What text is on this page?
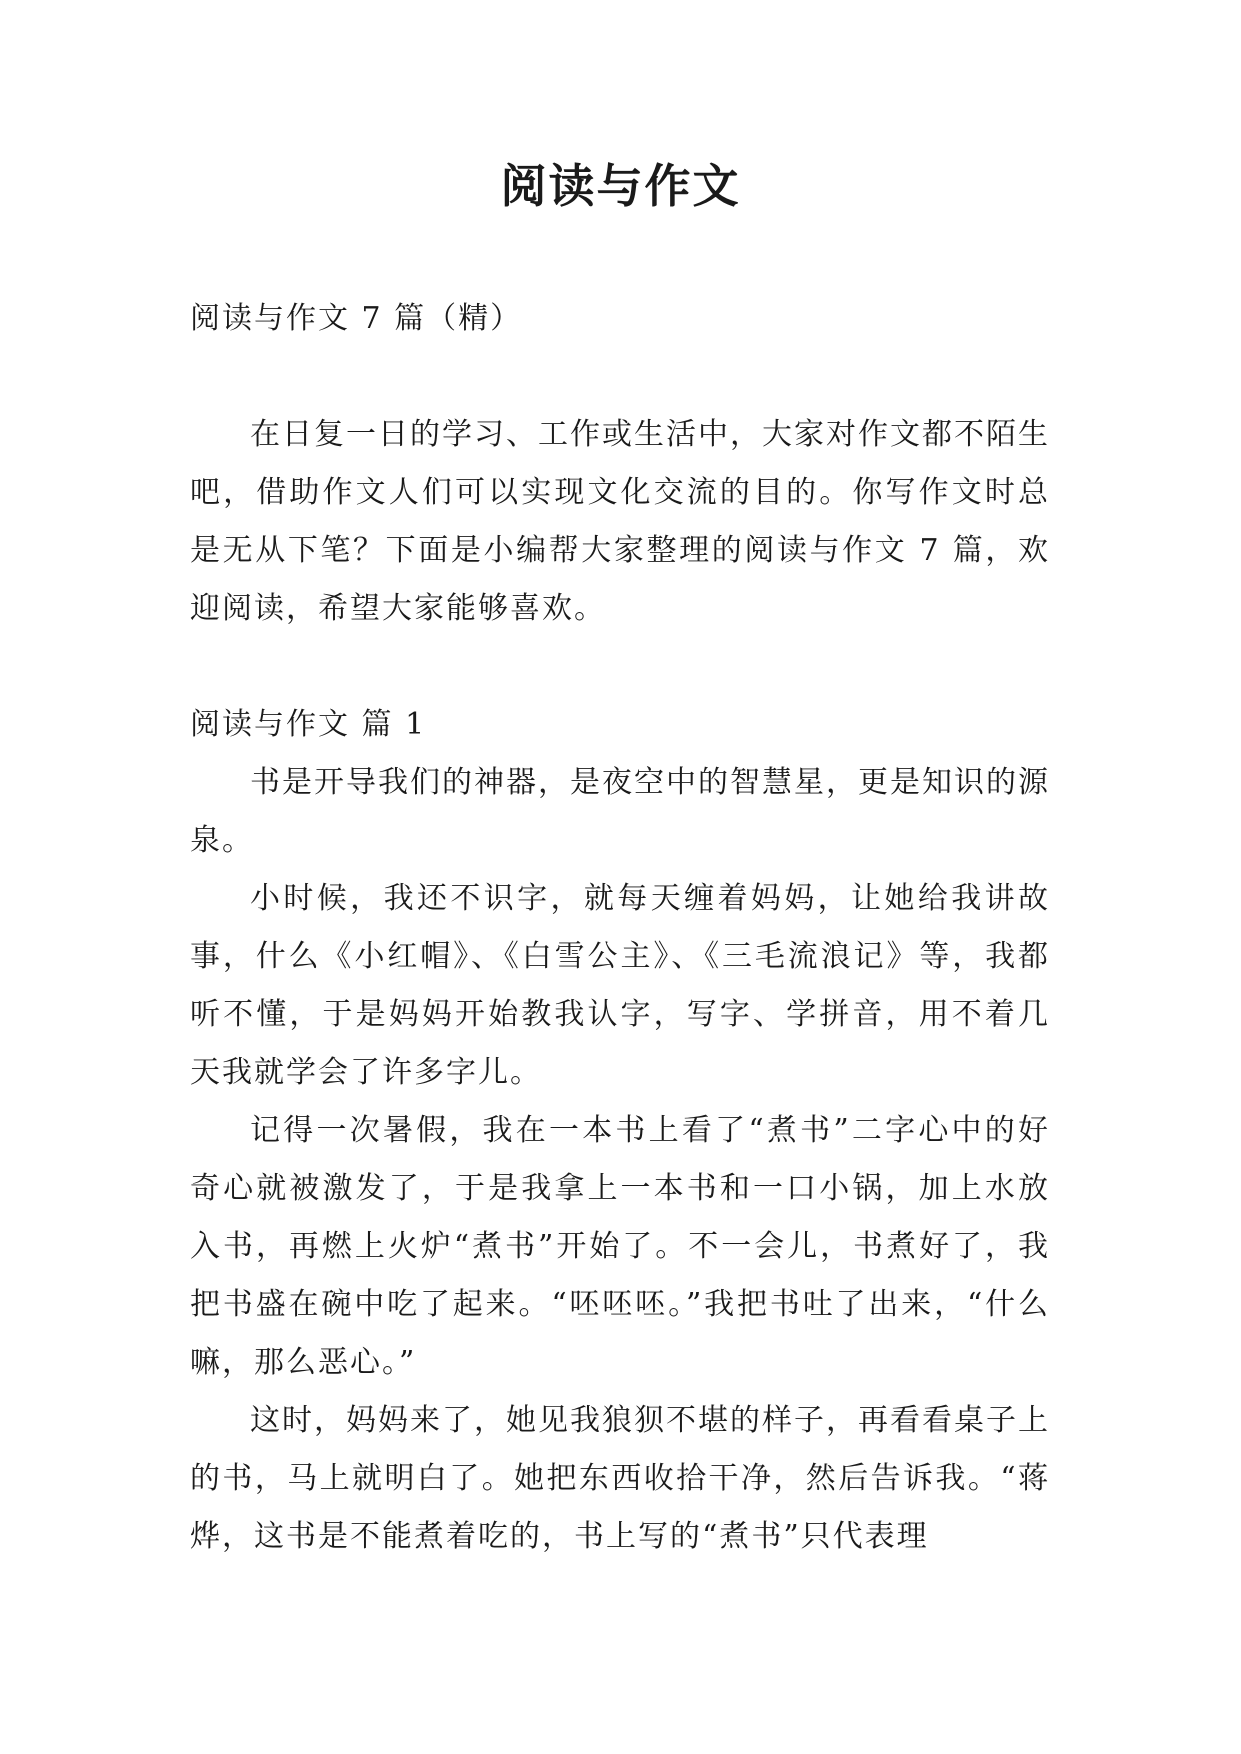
阅读与作文

阅读与作文 7 篇（精）

在日复一日的学习、工作或生活中，大家对作文都不陌生吧，借助作文人们可以实现文化交流的目的。你写作文时总是无从下笔？下面是小编帮大家整理的阅读与作文 7 篇，欢迎阅读，希望大家能够喜欢。

阅读与作文 篇 1

书是开导我们的神器，是夜空中的智慧星，更是知识的源泉。

小时候，我还不识字，就每天缠着妈妈，让她给我讲故事，什么《小红帽》、《白雪公主》、《三毛流浪记》等，我都听不懂，于是妈妈开始教我认字，写字、学拼音，用不着几天我就学会了许多字儿。

记得一次暑假，我在一本书上看了“煮书”二字心中的好奇心就被激发了，于是我拿上一本书和一口小锅，加上水放入书，再燃上火炉“煮书”开始了。不一会儿，书煮好了，我把书盛在碗中吃了起来。“呸呸呸。”我把书吐了出来，“什么嘛，那么恶心。”

这时，妈妈来了，她见我狼狈不堪的样子，再看看桌子上的书，马上就明白了。她把东西收拾干净，然后告诉我。“蒋烨，这书是不能煮着吃的，书上写的“煮书”只代表理
